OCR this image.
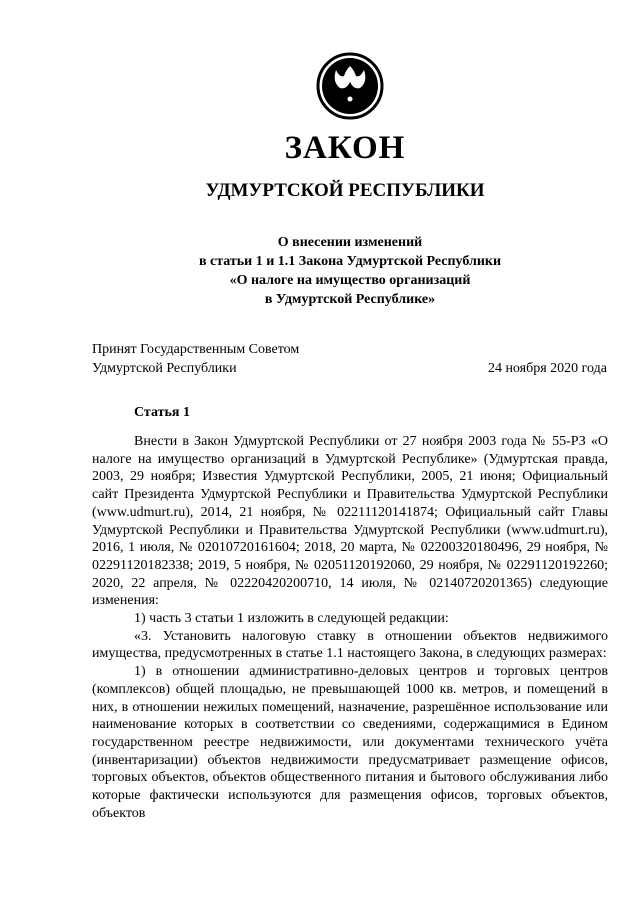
ЗАКОН
УДМУРТСКОЙ РЕСПУБЛИКИ
О внесении изменений
в статьи 1 и 1.1 Закона Удмуртской Республики
«О налоге на имущество организаций
в Удмуртской Республике»
Принят Государственным Советом
Удмуртской Республики	24 ноября 2020 года
Статья 1

Внести в Закон Удмуртской Республики от 27 ноября 2003 года № 55-РЗ «О налоге на имущество организаций в Удмуртской Республике» (Удмуртская правда, 2003, 29 ноября; Известия Удмуртской Республики, 2005, 21 июня; Официальный сайт Президента Удмуртской Республики и Правительства Удмуртской Республики (www.udmurt.ru), 2014, 21 ноября, № 02211120141874; Официальный сайт Главы Удмуртской Республики и Правительства Удмуртской Республики (www.udmurt.ru), 2016, 1 июля, № 02010720161604; 2018, 20 марта, № 02200320180496, 29 ноября, № 02291120182338; 2019, 5 ноября, № 02051120192060, 29 ноября, № 02291120192260; 2020, 22 апреля, № 02220420200710, 14 июля, № 02140720201365) следующие изменения:

1) часть 3 статьи 1 изложить в следующей редакции:

«3. Установить налоговую ставку в отношении объектов недвижимого имущества, предусмотренных в статье 1.1 настоящего Закона, в следующих размерах:

1) в отношении административно-деловых центров и торговых центров (комплексов) общей площадью, не превышающей 1000 кв. метров, и помещений в них, в отношении нежилых помещений, назначение, разрешённое использование или наименование которых в соответствии со сведениями, содержащимися в Едином государственном реестре недвижимости, или документами технического учёта (инвентаризации) объектов недвижимости предусматривает размещение офисов, торговых объектов, объектов общественного питания и бытового обслуживания либо которые фактически используются для размещения офисов, торговых объектов, объектов
